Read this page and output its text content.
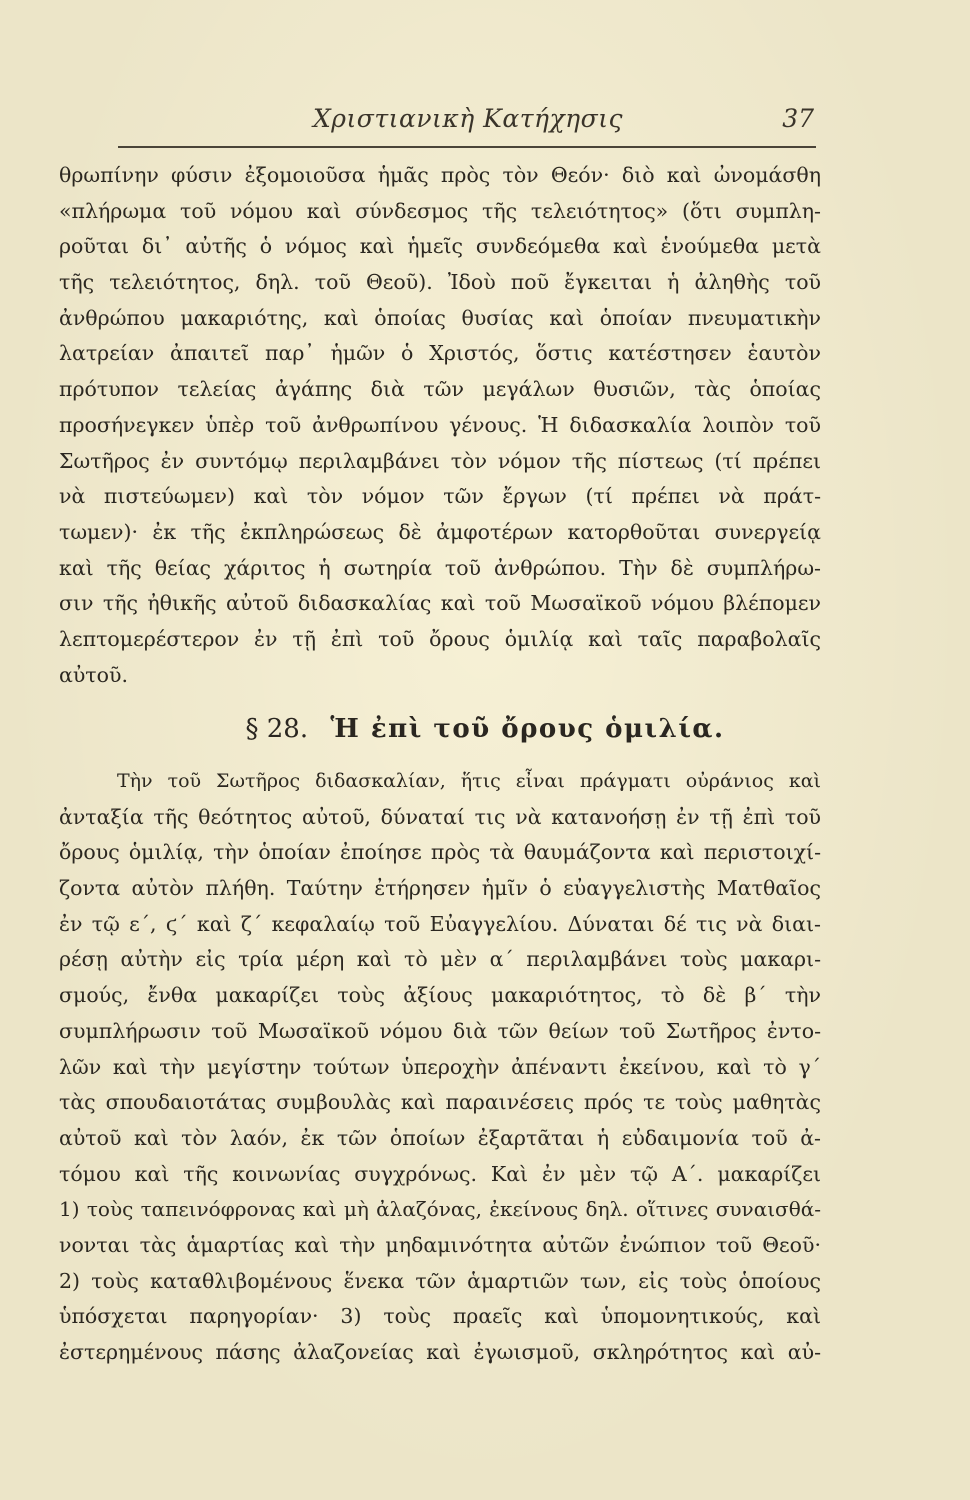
Χριστιανικὴ Κατήχησις	37
θρωπίνην φύσιν ἐξομοιοῦσα ἡμᾶς πρὸς τὸν Θεόν· διὸ καὶ ὠνομάσθη
«πλήρωμα τοῦ νόμου καὶ σύνδεσμος τῆς τελειότητος» (ὅτι συμπλη-
ροῦται δι᾽ αὐτῆς ὁ νόμος καὶ ἡμεῖς συνδεόμεθα καὶ ἑνούμεθα μετὰ
τῆς τελειότητος, δηλ. τοῦ Θεοῦ). Ἰδοὺ ποῦ ἔγκειται ἡ ἀληθὴς τοῦ
ἀνθρώπου μακαριότης, καὶ ὁποίας θυσίας καὶ ὁποίαν πνευματικὴν
λατρείαν ἀπαιτεῖ παρ᾽ ἡμῶν ὁ Χριστός, ὅστις κατέστησεν ἑαυτὸν
πρότυπον τελείας ἀγάπης διὰ τῶν μεγάλων θυσιῶν, τὰς ὁποίας
προσήνεγκεν ὑπὲρ τοῦ ἀνθρωπίνου γένους. Ἡ διδασκαλία λοιπὸν τοῦ
Σωτῆρος ἐν συντόμῳ περιλαμβάνει τὸν νόμον τῆς πίστεως (τί πρέπει
νὰ πιστεύωμεν) καὶ τὸν νόμον τῶν ἔργων (τί πρέπει νὰ πράτ-
τωμεν)· ἐκ τῆς ἐκπληρώσεως δὲ ἀμφοτέρων κατορθοῦται συνεργείᾳ
καὶ τῆς θείας χάριτος ἡ σωτηρία τοῦ ἀνθρώπου. Τὴν δὲ συμπλήρω-
σιν τῆς ἠθικῆς αὐτοῦ διδασκαλίας καὶ τοῦ Μωσαϊκοῦ νόμου βλέπομεν
λεπτομερέστερον ἐν τῇ ἐπὶ τοῦ ὄρους ὁμιλίᾳ καὶ ταῖς παραβολαῖς
αὐτοῦ.
§ 28. Ἡ ἐπὶ τοῦ ὄρους ὁμιλία.
Τὴν τοῦ Σωτῆρος διδασκαλίαν, ἥτις εἶναι πράγματι οὐράνιος καὶ
ἀνταξία τῆς θεότητος αὐτοῦ, δύναταί τις νὰ κατανοήσῃ ἐν τῇ ἐπὶ τοῦ
ὄρους ὁμιλίᾳ, τὴν ὁποίαν ἐποίησε πρὸς τὰ θαυμάζοντα καὶ περιστοιχί-
ζοντα αὐτὸν πλήθη. Ταύτην ἐτήρησεν ἡμῖν ὁ εὐαγγελιστὴς Ματθαῖος
ἐν τῷ ε´, ϛ´ καὶ ζ´ κεφαλαίῳ τοῦ Εὐαγγελίου. Δύναται δέ τις νὰ διαι-
ρέσῃ αὐτὴν εἰς τρία μέρη καὶ τὸ μὲν α´ περιλαμβάνει τοὺς μακαρι-
σμούς, ἔνθα μακαρίζει τοὺς ἀξίους μακαριότητος, τὸ δὲ β´ τὴν
συμπλήρωσιν τοῦ Μωσαϊκοῦ νόμου διὰ τῶν θείων τοῦ Σωτῆρος ἐντο-
λῶν καὶ τὴν μεγίστην τούτων ὑπεροχὴν ἀπέναντι ἐκείνου, καὶ τὸ γ´
τὰς σπουδαιοτάτας συμβουλὰς καὶ παραινέσεις πρός τε τοὺς μαθητὰς
αὐτοῦ καὶ τὸν λαόν, ἐκ τῶν ὁποίων ἐξαρτᾶται ἡ εὐδαιμονία τοῦ ἀ-
τόμου καὶ τῆς κοινωνίας συγχρόνως. Καὶ ἐν μὲν τῷ Α´. μακαρίζει
1) τοὺς ταπεινόφρονας καὶ μὴ ἀλαζόνας, ἐκείνους δηλ. οἵτινες συναισθά-
νονται τὰς ἁμαρτίας καὶ τὴν μηδαμινότητα αὐτῶν ἐνώπιον τοῦ Θεοῦ·
2) τοὺς καταθλιβομένους ἕνεκα τῶν ἁμαρτιῶν των, εἰς τοὺς ὁποίους
ὑπόσχεται παρηγορίαν· 3) τοὺς πραεῖς καὶ ὑπομονητικούς, καὶ
ἐστερημένους πάσης ἀλαζονείας καὶ ἐγωισμοῦ, σκληρότητος καὶ αὐ-
